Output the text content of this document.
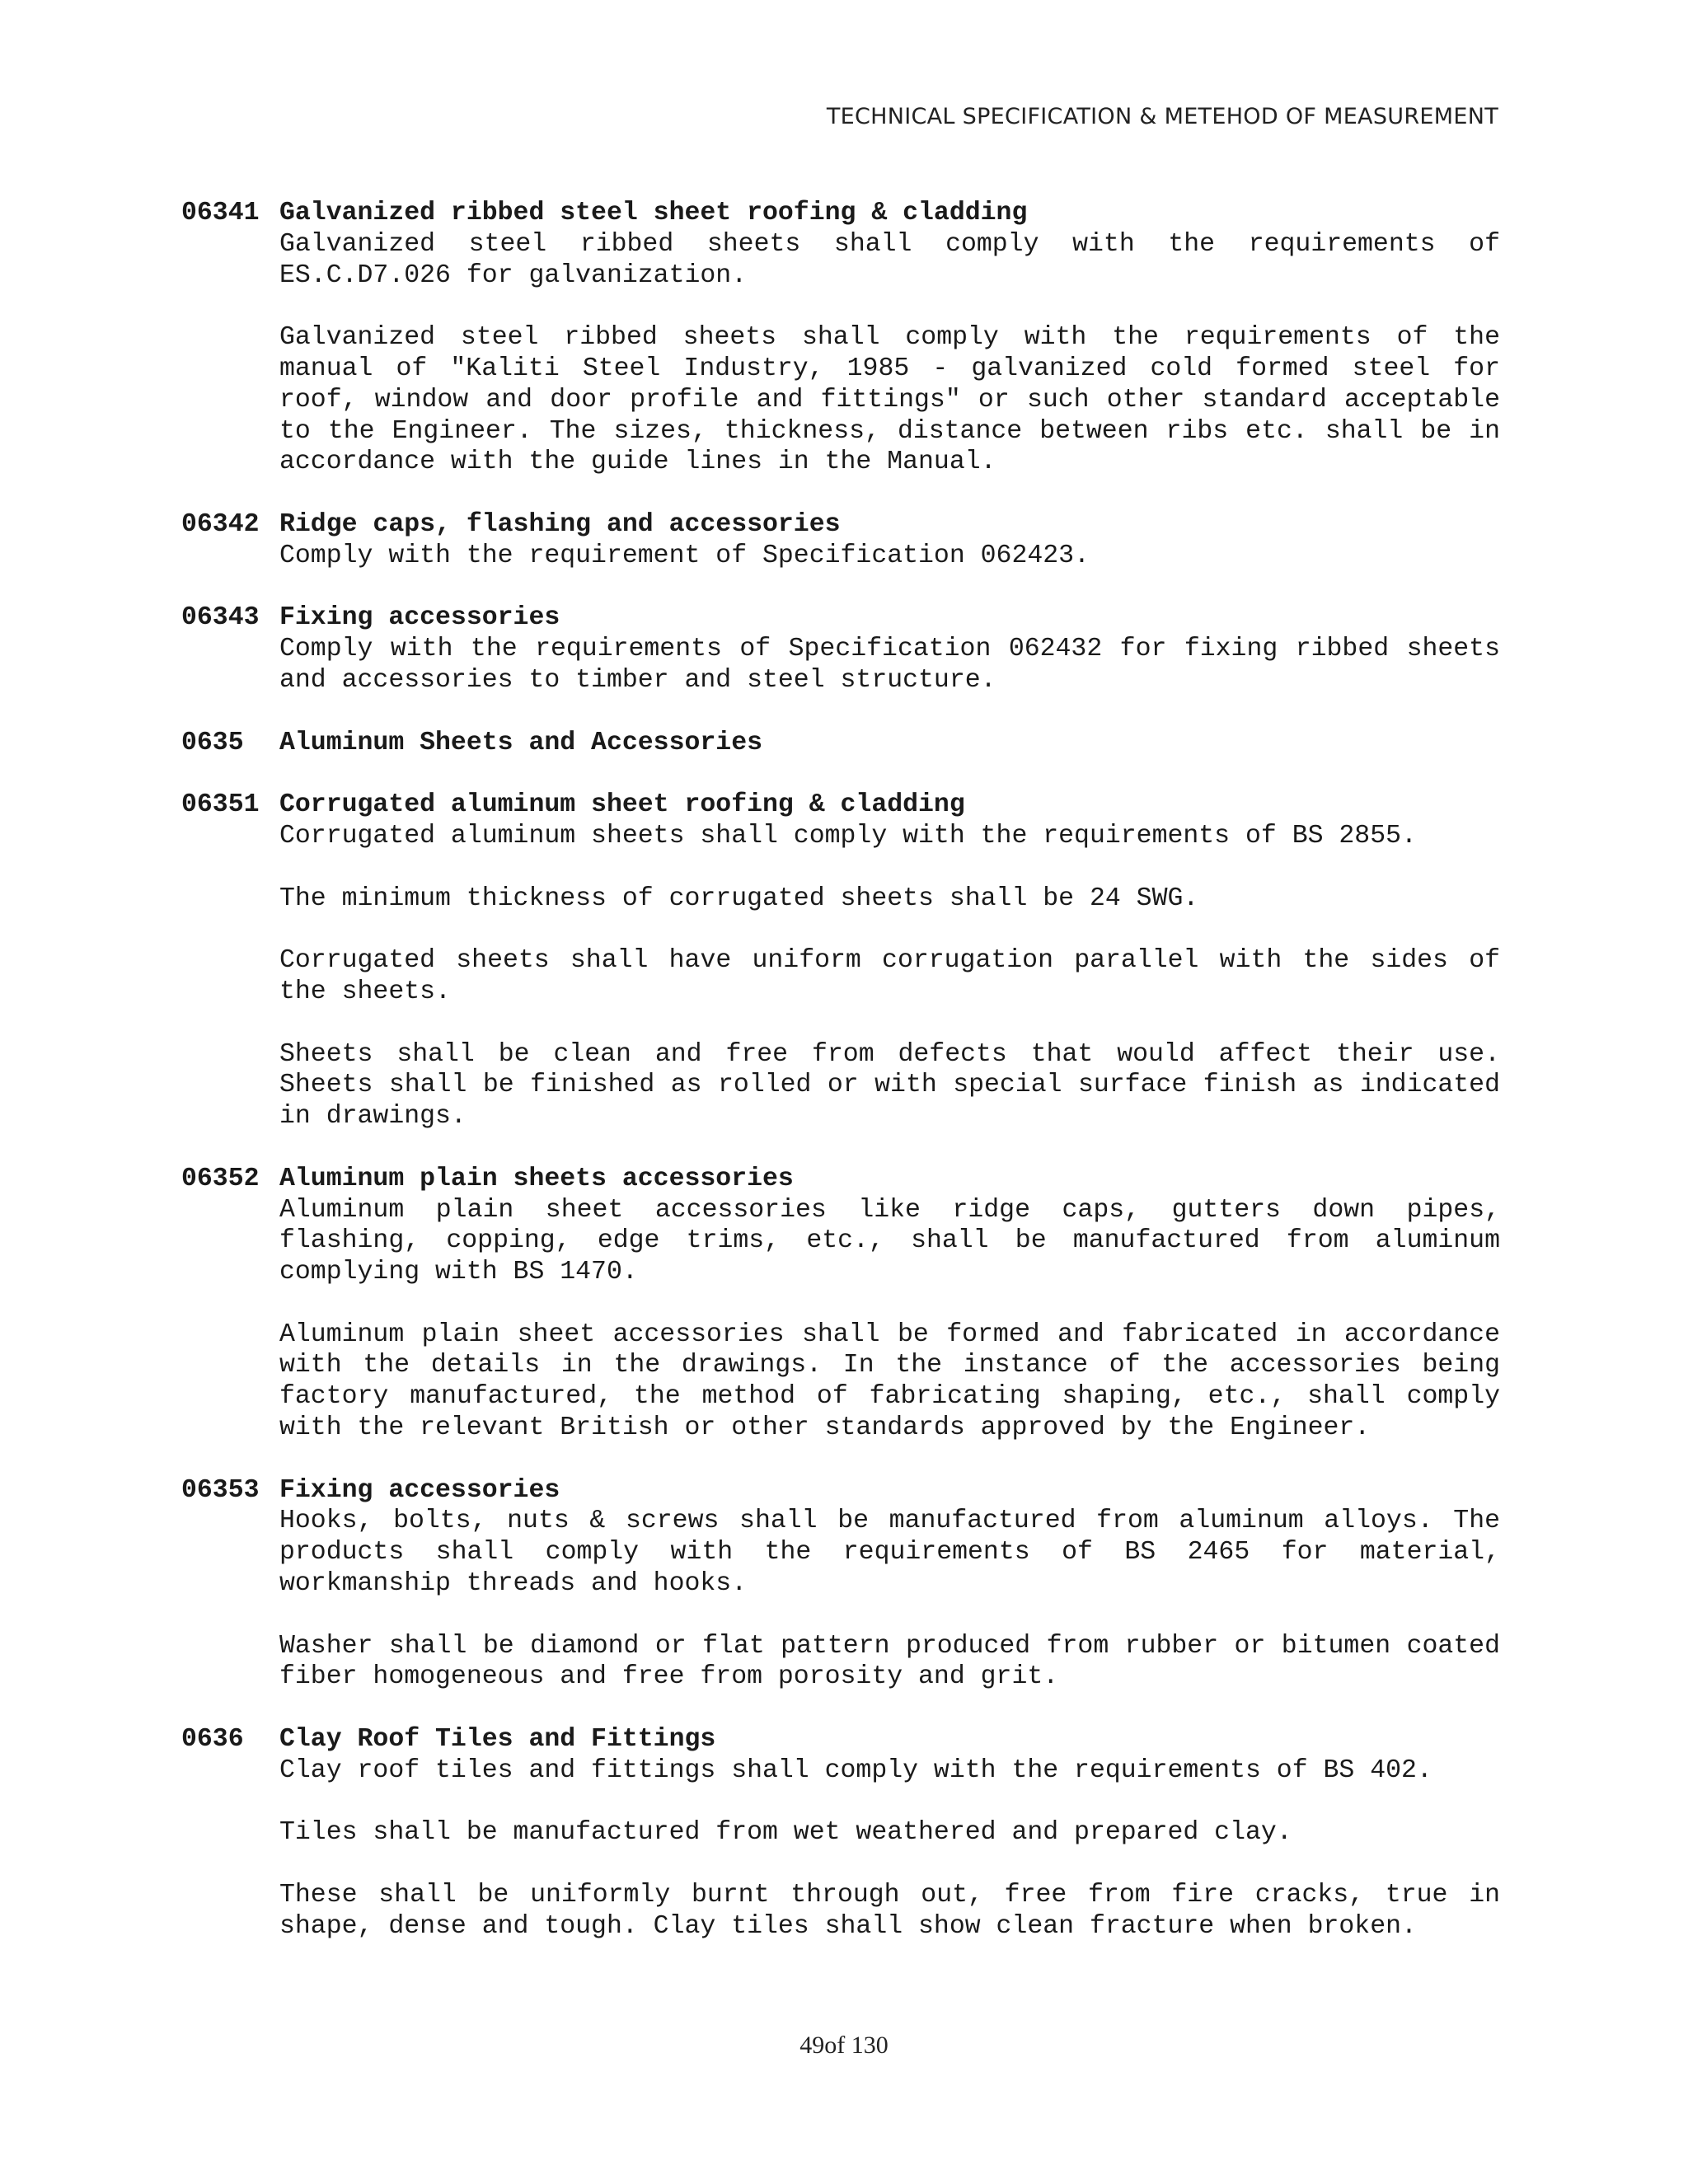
TECHNICAL SPECIFICATION & METEHOD OF MEASUREMENT
06341 Galvanized ribbed steel sheet roofing & cladding

Galvanized steel ribbed sheets shall comply with the requirements of ES.C.D7.026 for galvanization.

Galvanized steel ribbed sheets shall comply with the requirements of the manual of "Kaliti Steel Industry, 1985 - galvanized cold formed steel for roof, window and door profile and fittings" or such other standard acceptable to the Engineer. The sizes, thickness, distance between ribs etc. shall be in accordance with the guide lines in the Manual.

06342 Ridge caps, flashing and accessories

Comply with the requirement of Specification 062423.

06343 Fixing accessories

Comply with the requirements of Specification 062432 for fixing ribbed sheets and accessories to timber and steel structure.

0635	Aluminum Sheets and Accessories
06351 Corrugated aluminum sheet roofing & cladding

Corrugated aluminum sheets shall comply with the requirements of BS 2855.

The minimum thickness of corrugated sheets shall be 24 SWG.

Corrugated sheets shall have uniform corrugation parallel with the sides of the sheets.

Sheets shall be clean and free from defects that would affect their use. Sheets shall be finished as rolled or with special surface finish as indicated in drawings.

06352 Aluminum plain sheets accessories

Aluminum plain sheet accessories like ridge caps, gutters down pipes, flashing, copping, edge trims, etc., shall be manufactured from aluminum complying with BS 1470.

Aluminum plain sheet accessories shall be formed and fabricated in accordance with the details in the drawings. In the instance of the accessories being factory manufactured, the method of fabricating shaping, etc., shall comply with the relevant British or other standards approved by the Engineer.

06353 Fixing accessories

Hooks, bolts, nuts & screws shall be manufactured from aluminum alloys. The products shall comply with the requirements of BS 2465 for material, workmanship threads and hooks.

Washer shall be diamond or flat pattern produced from rubber or bitumen coated fiber homogeneous and free from porosity and grit.

0636	Clay Roof Tiles and Fittings

Clay roof tiles and fittings shall comply with the requirements of BS 402.

Tiles shall be manufactured from wet weathered and prepared clay.

These shall be uniformly burnt through out, free from fire cracks, true in shape, dense and tough. Clay tiles shall show clean fracture when broken.

49of 130
